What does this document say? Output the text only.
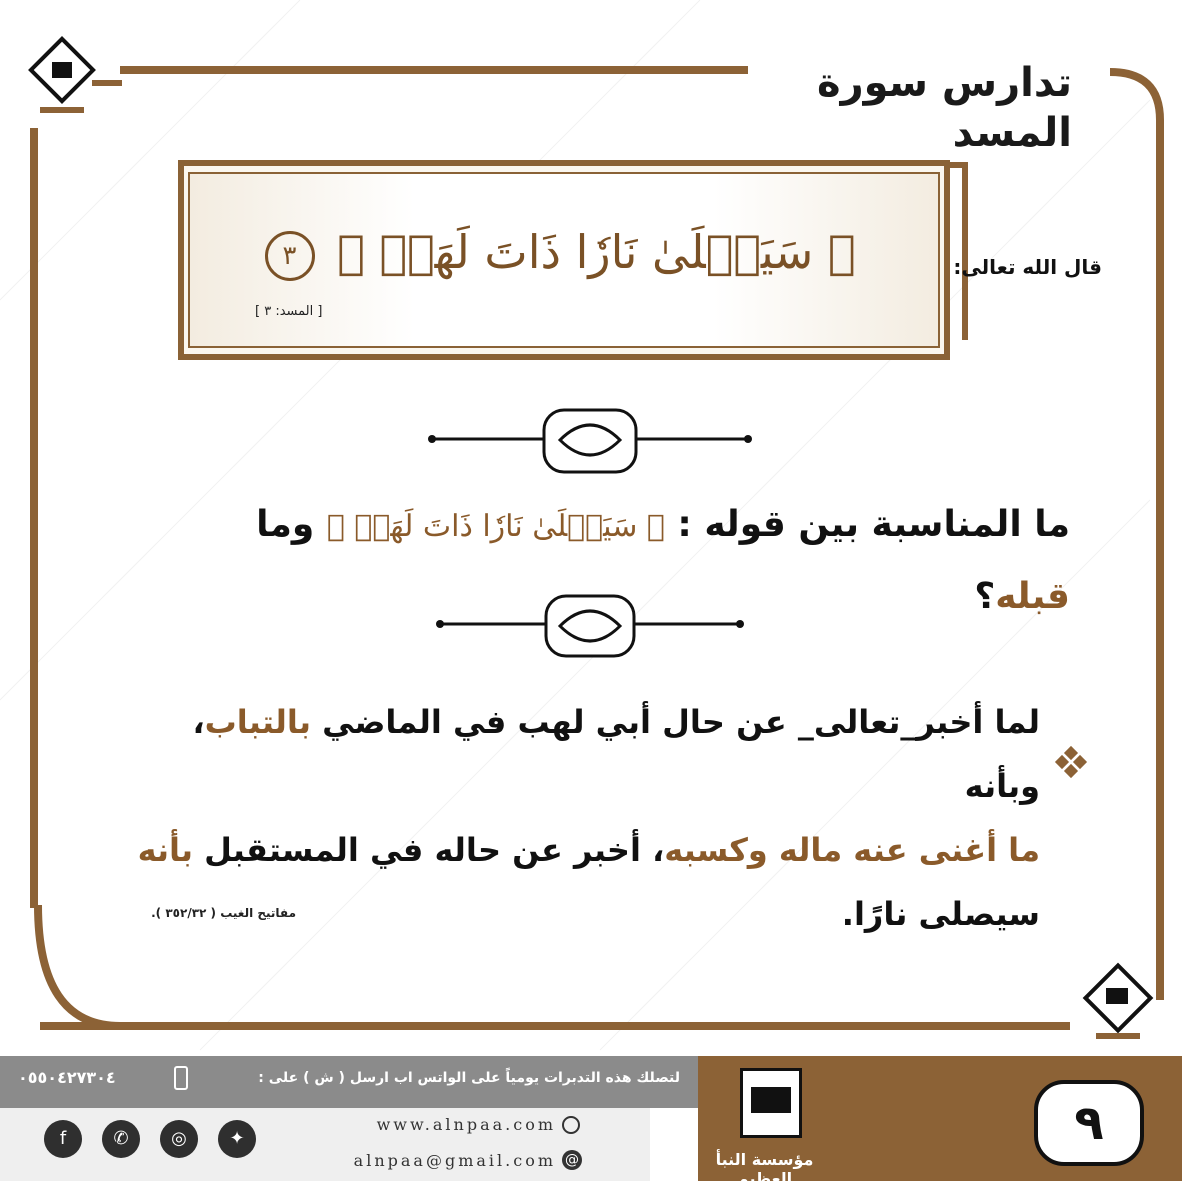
تدارس سورة المسد
﴿ سَيَصۡلَىٰ نَارٗا ذَاتَ لَهَبٖ ﴾ ٣
[ المسد: ٣ ]
قال الله تعالى:
ما المناسبة بين قوله : ﴿ سَيَصۡلَىٰ نَارٗا ذَاتَ لَهَبٖ ﴾ وما قبله؟
لما أخبر_تعالى_ عن حال أبي لهب في الماضي بالتباب، وبأنه
ما أغنى عنه ماله وكسبه، أخبر عن حاله في المستقبل بأنه
سيصلى نارًا.
مفاتيح الغيب ( ٣٥٢/٣٢ ).
لتصلك هذه التدبرات يومياً على الواتس اب ارسل ( ش ) على :
٠٥٥٠٤٢٧٣٠٤
www.alnpaa.com
alnpaa@gmail.com @
✦
◎
✆
f
مؤسسة النبأ العظيم
٩
